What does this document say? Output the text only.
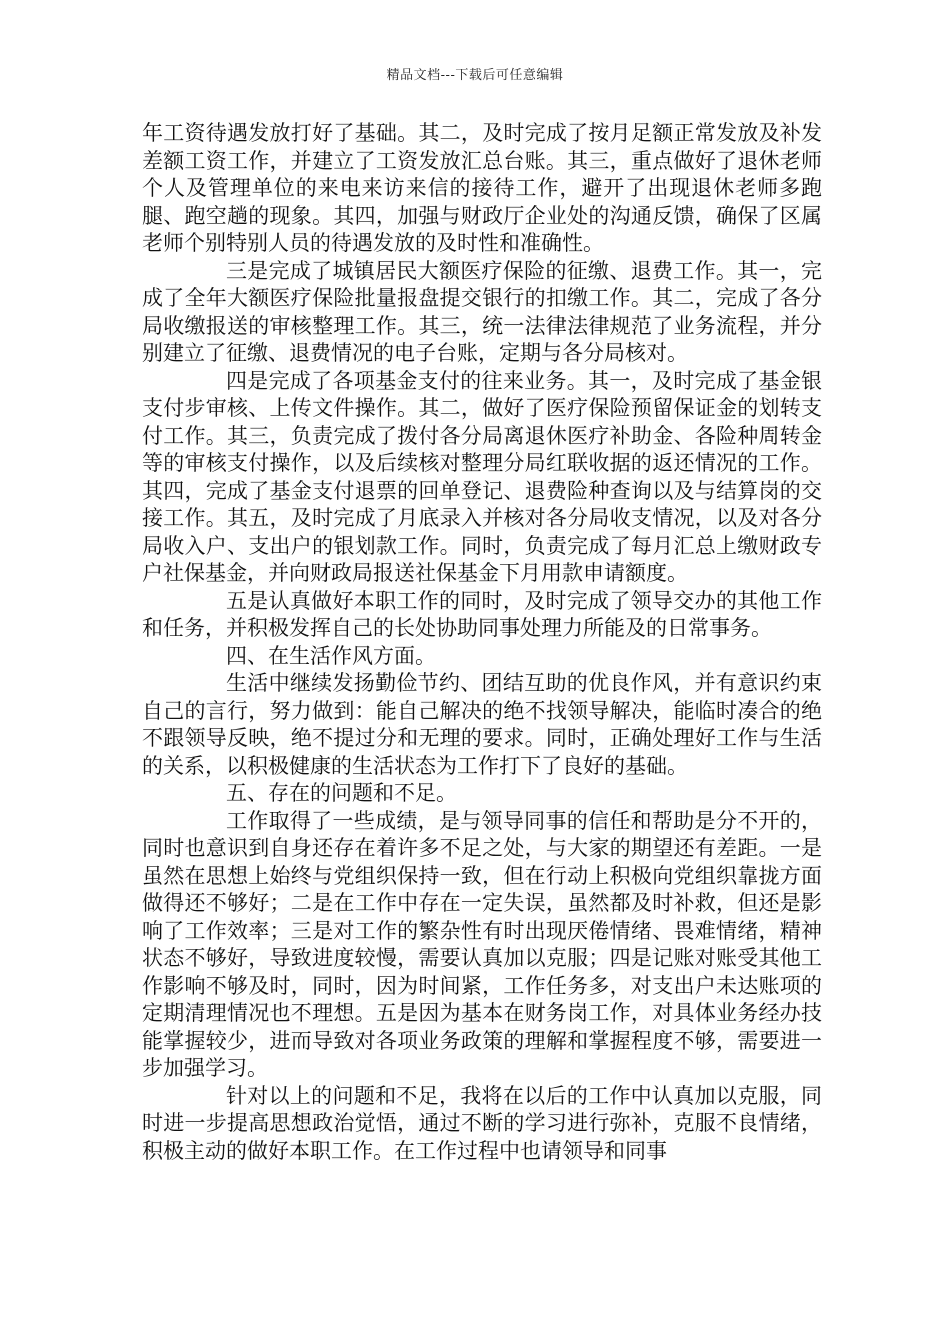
精品文档---下载后可任意编辑

年工资待遇发放打好了基础。其二，及时完成了按月足额正常发放及补发差额工资工作，并建立了工资发放汇总台账。其三，重点做好了退休老师个人及管理单位的来电来访来信的接待工作，避开了出现退休老师多跑腿、跑空趟的现象。其四，加强与财政厅企业处的沟通反馈，确保了区属老师个别特别人员的待遇发放的及时性和准确性。

三是完成了城镇居民大额医疗保险的征缴、退费工作。其一，完成了全年大额医疗保险批量报盘提交银行的扣缴工作。其二，完成了各分局收缴报送的审核整理工作。其三，统一法律法律规范了业务流程，并分别建立了征缴、退费情况的电子台账，定期与各分局核对。

四是完成了各项基金支付的往来业务。其一，及时完成了基金银支付步审核、上传文件操作。其二，做好了医疗保险预留保证金的划转支付工作。其三，负责完成了拨付各分局离退休医疗补助金、各险种周转金等的审核支付操作，以及后续核对整理分局红联收据的返还情况的工作。其四，完成了基金支付退票的回单登记、退费险种查询以及与结算岗的交接工作。其五，及时完成了月底录入并核对各分局收支情况，以及对各分局收入户、支出户的银划款工作。同时，负责完成了每月汇总上缴财政专户社保基金，并向财政局报送社保基金下月用款申请额度。

五是认真做好本职工作的同时，及时完成了领导交办的其他工作和任务，并积极发挥自己的长处协助同事处理力所能及的日常事务。

四、在生活作风方面。

生活中继续发扬勤俭节约、团结互助的优良作风，并有意识约束自己的言行，努力做到：能自己解决的绝不找领导解决，能临时凑合的绝不跟领导反映，绝不提过分和无理的要求。同时，正确处理好工作与生活的关系，以积极健康的生活状态为工作打下了良好的基础。

五、存在的问题和不足。

工作取得了一些成绩，是与领导同事的信任和帮助是分不开的，同时也意识到自身还存在着许多不足之处，与大家的期望还有差距。一是虽然在思想上始终与党组织保持一致，但在行动上积极向党组织靠拢方面做得还不够好；二是在工作中存在一定失误，虽然都及时补救，但还是影响了工作效率；三是对工作的繁杂性有时出现厌倦情绪、畏难情绪，精神状态不够好，导致进度较慢，需要认真加以克服；四是记账对账受其他工作影响不够及时，同时，因为时间紧，工作任务多，对支出户未达账项的定期清理情况也不理想。五是因为基本在财务岗工作，对具体业务经办技能掌握较少，进而导致对各项业务政策的理解和掌握程度不够，需要进一步加强学习。

针对以上的问题和不足，我将在以后的工作中认真加以克服，同时进一步提高思想政治觉悟，通过不断的学习进行弥补，克服不良情绪，积极主动的做好本职工作。在工作过程中也请领导和同事
